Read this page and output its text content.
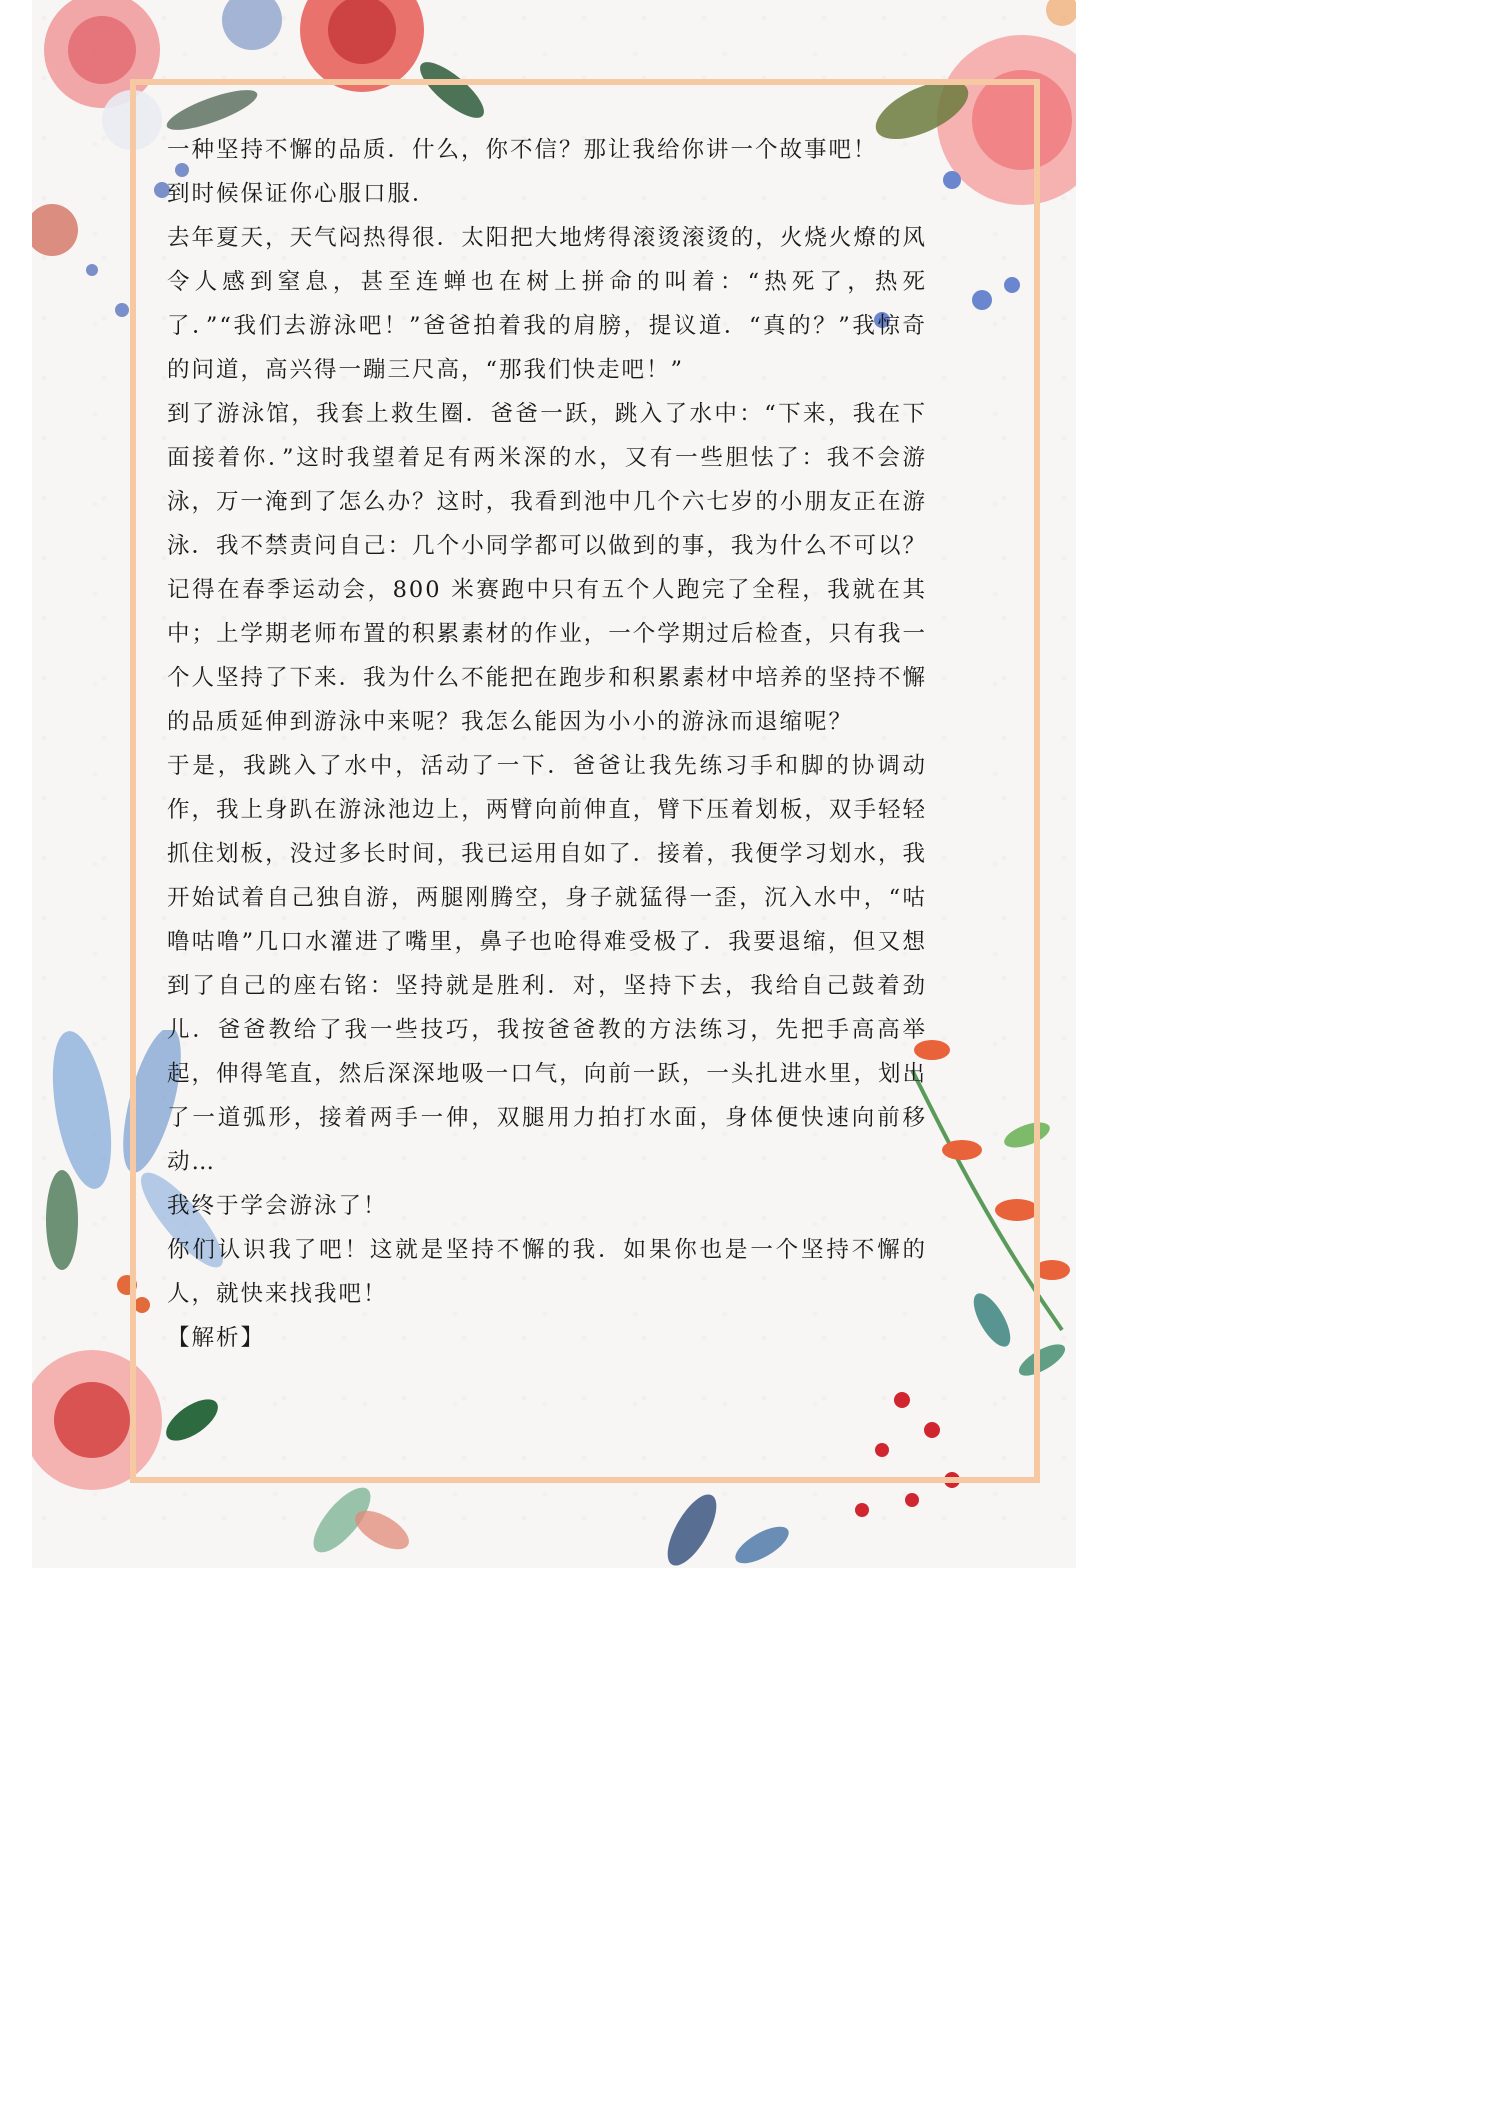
一种坚持不懈的品质．什么，你不信？那让我给你讲一个故事吧！

到时候保证你心服口服．

去年夏天，天气闷热得很．太阳把大地烤得滚烫滚烫的，火烧火燎的风令人感到窒息，甚至连蝉也在树上拼命的叫着：“热死了，热死了．”“我们去游泳吧！”爸爸拍着我的肩膀，提议道．“真的？”我惊奇的问道，高兴得一蹦三尺高，“那我们快走吧！”

到了游泳馆，我套上救生圈．爸爸一跃，跳入了水中：“下来，我在下面接着你．”这时我望着足有两米深的水，又有一些胆怯了：我不会游泳，万一淹到了怎么办？这时，我看到池中几个六七岁的小朋友正在游泳．我不禁责问自己：几个小同学都可以做到的事，我为什么不可以？记得在春季运动会，800 米赛跑中只有五个人跑完了全程，我就在其中；上学期老师布置的积累素材的作业，一个学期过后检查，只有我一个人坚持了下来．我为什么不能把在跑步和积累素材中培养的坚持不懈的品质延伸到游泳中来呢？我怎么能因为小小的游泳而退缩呢？

于是，我跳入了水中，活动了一下．爸爸让我先练习手和脚的协调动作，我上身趴在游泳池边上，两臂向前伸直，臂下压着划板，双手轻轻抓住划板，没过多长时间，我已运用自如了．接着，我便学习划水，我开始试着自己独自游，两腿刚腾空，身子就猛得一歪，沉入水中，“咕噜咕噜”几口水灌进了嘴里，鼻子也呛得难受极了．我要退缩，但又想到了自己的座右铭：坚持就是胜利．对，坚持下去，我给自己鼓着劲儿．爸爸教给了我一些技巧，我按爸爸教的方法练习，先把手高高举起，伸得笔直，然后深深地吸一口气，向前一跃，一头扎进水里，划出了一道弧形，接着两手一伸，双腿用力拍打水面，身体便快速向前移动…

我终于学会游泳了！

你们认识我了吧！这就是坚持不懈的我．如果你也是一个坚持不懈的人，就快来找我吧！

【解析】
